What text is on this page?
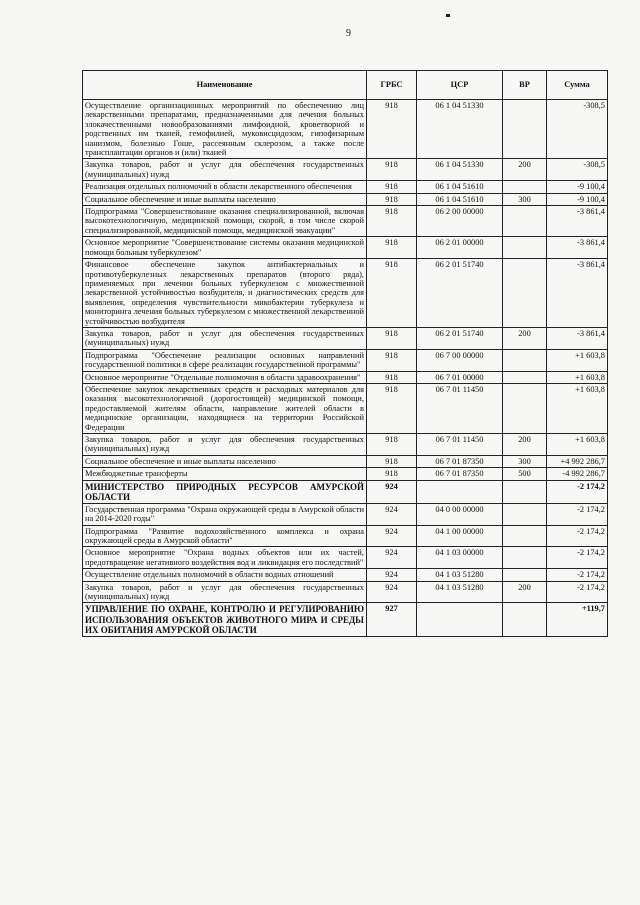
9
Наименование	ГРБС	ЦСР	ВР	Сумма
Осуществление организационных мероприятий по обеспечению лиц лекарственными препаратами, предназначенными для лечения больных злокачественными новообразованиями лимфоидной, кроветворной и родственных им тканей, гемофилией, муковисцидозом, гипофизарным нанизмом, болезнью Гоше, рассеянным склерозом, а также после трансплантации органов и (или) тканей	918	06 1 04 51330		-308,5
Закупка товаров, работ и услуг для обеспечения государственных (муниципальных) нужд	918	06 1 04 51330	200	-308,5
Реализация отдельных полномочий в области лекарственного обеспечения	918	06 1 04 51610		-9 100,4
Социальное обеспечение и иные выплаты населению	918	06 1 04 51610	300	-9 100,4
Подпрограмма "Совершенствование оказания специализированной, включая высокотехнологичную, медицинской помощи, скорой, в том числе скорой специализированной, медицинской помощи, медицинской эвакуации"	918	06 2 00 00000		-3 861,4
Основное мероприятие "Совершенствование системы оказания медицинской помощи больным туберкулезом"	918	06 2 01 00000		-3 861,4
Финансовое обеспечение закупок антибактериальных и противотуберкулезных лекарственных препаратов (второго ряда), применяемых при лечении больных туберкулезом с множественной лекарственной устойчивостью возбудителя, и диагностических средств для выявления, определения чувствительности микобактерии туберкулеза и мониторинга лечения больных туберкулезом с множественной лекарственной устойчивостью возбудителя	918	06 2 01 51740		-3 861,4
Закупка товаров, работ и услуг для обеспечения государственных (муниципальных) нужд	918	06 2 01 51740	200	-3 861,4
Подпрограмма "Обеспечение реализации основных направлений государственной политики в сфере реализации государственной программы"	918	06 7 00 00000		+1 603,8
Основное мероприятие "Отдельные полномочия в области здравоохранения"	918	06 7 01 00000		+1 603,8
Обеспечение закупок лекарственных средств и расходных материалов для оказания высокотехнологичной (дорогостоящей) медицинской помощи, предоставляемой жителям области, направление жителей области в медицинские организации, находящиеся на территории Российской Федерации	918	06 7 01 11450		+1 603,8
Закупка товаров, работ и услуг для обеспечения государственных (муниципальных) нужд	918	06 7 01 11450	200	+1 603,8
Социальное обеспечение и иные выплаты населению	918	06 7 01 87350	300	+4 992 286,7
Межбюджетные трансферты	918	06 7 01 87350	500	-4 992 286,7
МИНИСТЕРСТВО ПРИРОДНЫХ РЕСУРСОВ АМУРСКОЙ ОБЛАСТИ	924			-2 174,2
Государственная программа "Охрана окружающей среды в Амурской области на 2014-2020 годы"	924	04 0 00 00000		-2 174,2
Подпрограмма "Развитие водохозяйственного комплекса и охрана окружающей среды в Амурской области"	924	04 1 00 00000		-2 174,2
Основное мероприятие "Охрана водных объектов или их частей, предотвращение негативного воздействия вод и ликвидация его последствий"	924	04 1 03 00000		-2 174,2
Осуществление отдельных полномочий в области водных отношений	924	04 1 03 51280		-2 174,2
Закупка товаров, работ и услуг для обеспечения государственных (муниципальных) нужд	924	04 1 03 51280	200	-2 174,2
УПРАВЛЕНИЕ ПО ОХРАНЕ, КОНТРОЛЮ И РЕГУЛИРОВАНИЮ ИСПОЛЬЗОВАНИЯ ОБЪЕКТОВ ЖИВОТНОГО МИРА И СРЕДЫ ИХ ОБИТАНИЯ АМУРСКОЙ ОБЛАСТИ	927			+119,7
